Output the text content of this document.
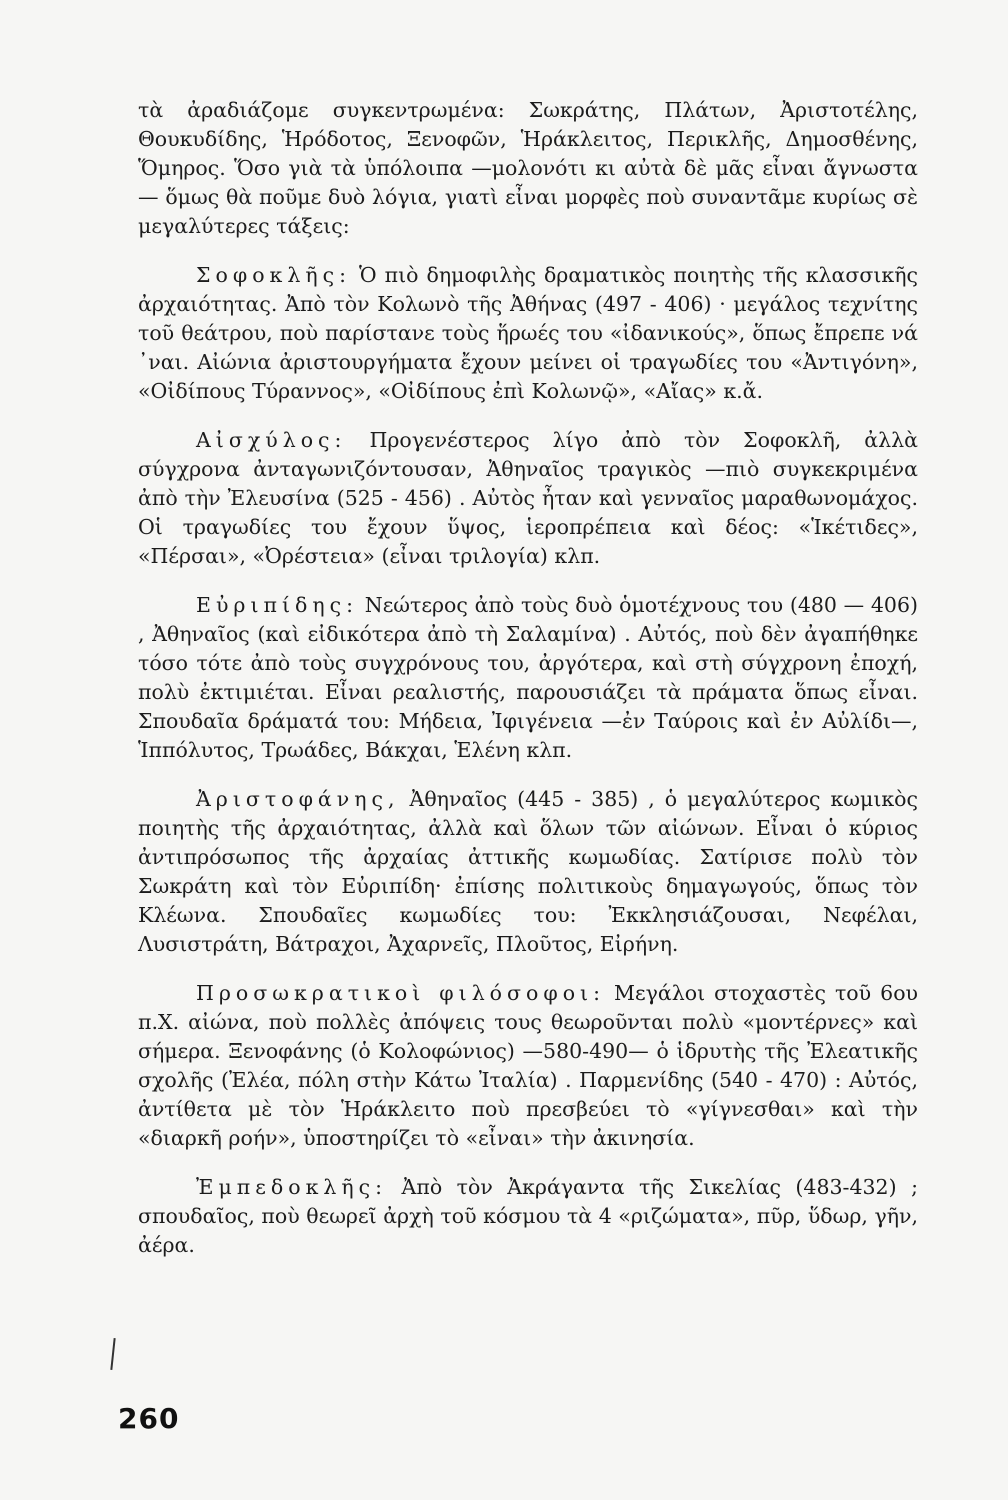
τὰ ἀραδιάζομε συγκεντρωμένα: Σωκράτης, Πλάτων, Ἀριστοτέλης, Θουκυδίδης, Ἡρόδοτος, Ξενοφῶν, Ἡράκλειτος, Περικλῆς, Δημοσθένης, Ὅμηρος. Ὅσο γιὰ τὰ ὑπόλοιπα —μολονότι κι αὐτὰ δὲ μᾶς εἶναι ἄγνωστα— ὅμως θὰ ποῦμε δυὸ λόγια, γιατὶ εἶναι μορφὲς ποὺ συναντᾶμε κυρίως σὲ μεγαλύτερες τάξεις:

Σοφοκλῆς: Ὁ πιὸ δημοφιλὴς δραματικὸς ποιητὴς τῆς κλασσικῆς ἀρχαιότητας. Ἀπὸ τὸν Κολωνὸ τῆς Ἀθήνας (497 - 406) · μεγάλος τεχνίτης τοῦ θεάτρου, ποὺ παρίστανε τοὺς ἥρωές του «ἰδανικούς», ὅπως ἔπρεπε νά ᾽ναι. Αἰώνια ἀριστουργήματα ἔχουν μείνει οἱ τραγωδίες του «Ἀντιγόνη», «Οἰδίπους Τύραννος», «Οἰδίπους ἐπὶ Κολωνῷ», «Αἴας» κ.ἄ.

Αἰσχύλος: Προγενέστερος λίγο ἀπὸ τὸν Σοφοκλῆ, ἀλλὰ σύγχρονα ἀνταγωνιζόντουσαν, Ἀθηναῖος τραγικὸς —πιὸ συγκεκριμένα ἀπὸ τὴν Ἐλευσίνα (525 - 456) . Αὐτὸς ἦταν καὶ γενναῖος μαραθωνομάχος. Οἱ τραγωδίες του ἔχουν ὕψος, ἱεροπρέπεια καὶ δέος: «Ἱκέτιδες», «Πέρσαι», «Ὀρέστεια» (εἶναι τριλογία) κλπ.

Εὐριπίδης: Νεώτερος ἀπὸ τοὺς δυὸ ὁμοτέχνους του (480 — 406) , Ἀθηναῖος (καὶ εἰδικότερα ἀπὸ τὴ Σαλαμίνα) . Αὐτός, ποὺ δὲν ἀγαπήθηκε τόσο τότε ἀπὸ τοὺς συγχρόνους του, ἀργότερα, καὶ στὴ σύγχρονη ἐποχή, πολὺ ἐκτιμιέται. Εἶναι ρεαλιστής, παρουσιάζει τὰ πράματα ὅπως εἶναι. Σπουδαῖα δράματά του: Μήδεια, Ἰφιγένεια —ἐν Ταύροις καὶ ἐν Αὐλίδι—, Ἱππόλυτος, Τρωάδες, Βάκχαι, Ἑλένη κλπ.

Ἀριστοφάνης, Ἀθηναῖος (445 - 385) , ὁ μεγαλύτερος κωμικὸς ποιητὴς τῆς ἀρχαιότητας, ἀλλὰ καὶ ὅλων τῶν αἰώνων. Εἶναι ὁ κύριος ἀντιπρόσωπος τῆς ἀρχαίας ἀττικῆς κωμωδίας. Σατίρισε πολὺ τὸν Σωκράτη καὶ τὸν Εὐριπίδη· ἐπίσης πολιτικοὺς δημαγωγούς, ὅπως τὸν Κλέωνα. Σπουδαῖες κωμωδίες του: Ἐκκλησιάζουσαι, Νεφέλαι, Λυσιστράτη, Βάτραχοι, Ἀχαρνεῖς, Πλοῦτος, Εἰρήνη.

Προσωκρατικοὶ φιλόσοφοι: Μεγάλοι στοχαστὲς τοῦ 6ου π.Χ. αἰώνα, ποὺ πολλὲς ἀπόψεις τους θεωροῦνται πολὺ «μοντέρνες» καὶ σήμερα. Ξενοφάνης (ὁ Κολοφώνιος) —580-490— ὁ ἱδρυτὴς τῆς Ἐλεατικῆς σχολῆς (Ἐλέα, πόλη στὴν Κάτω Ἰταλία) . Παρμενίδης (540 - 470) : Αὐτός, ἀντίθετα μὲ τὸν Ἡράκλειτο ποὺ πρεσβεύει τὸ «γίγνεσθαι» καὶ τὴν «διαρκῆ ροήν», ὑποστηρίζει τὸ «εἶναι» τὴν ἀκινησία.

Ἐμπεδοκλῆς: Ἀπὸ τὸν Ἀκράγαντα τῆς Σικελίας (483-432) ; σπουδαῖος, ποὺ θεωρεῖ ἀρχὴ τοῦ κόσμου τὰ 4 «ριζώματα», πῦρ, ὕδωρ, γῆν, ἀέρα.

260
